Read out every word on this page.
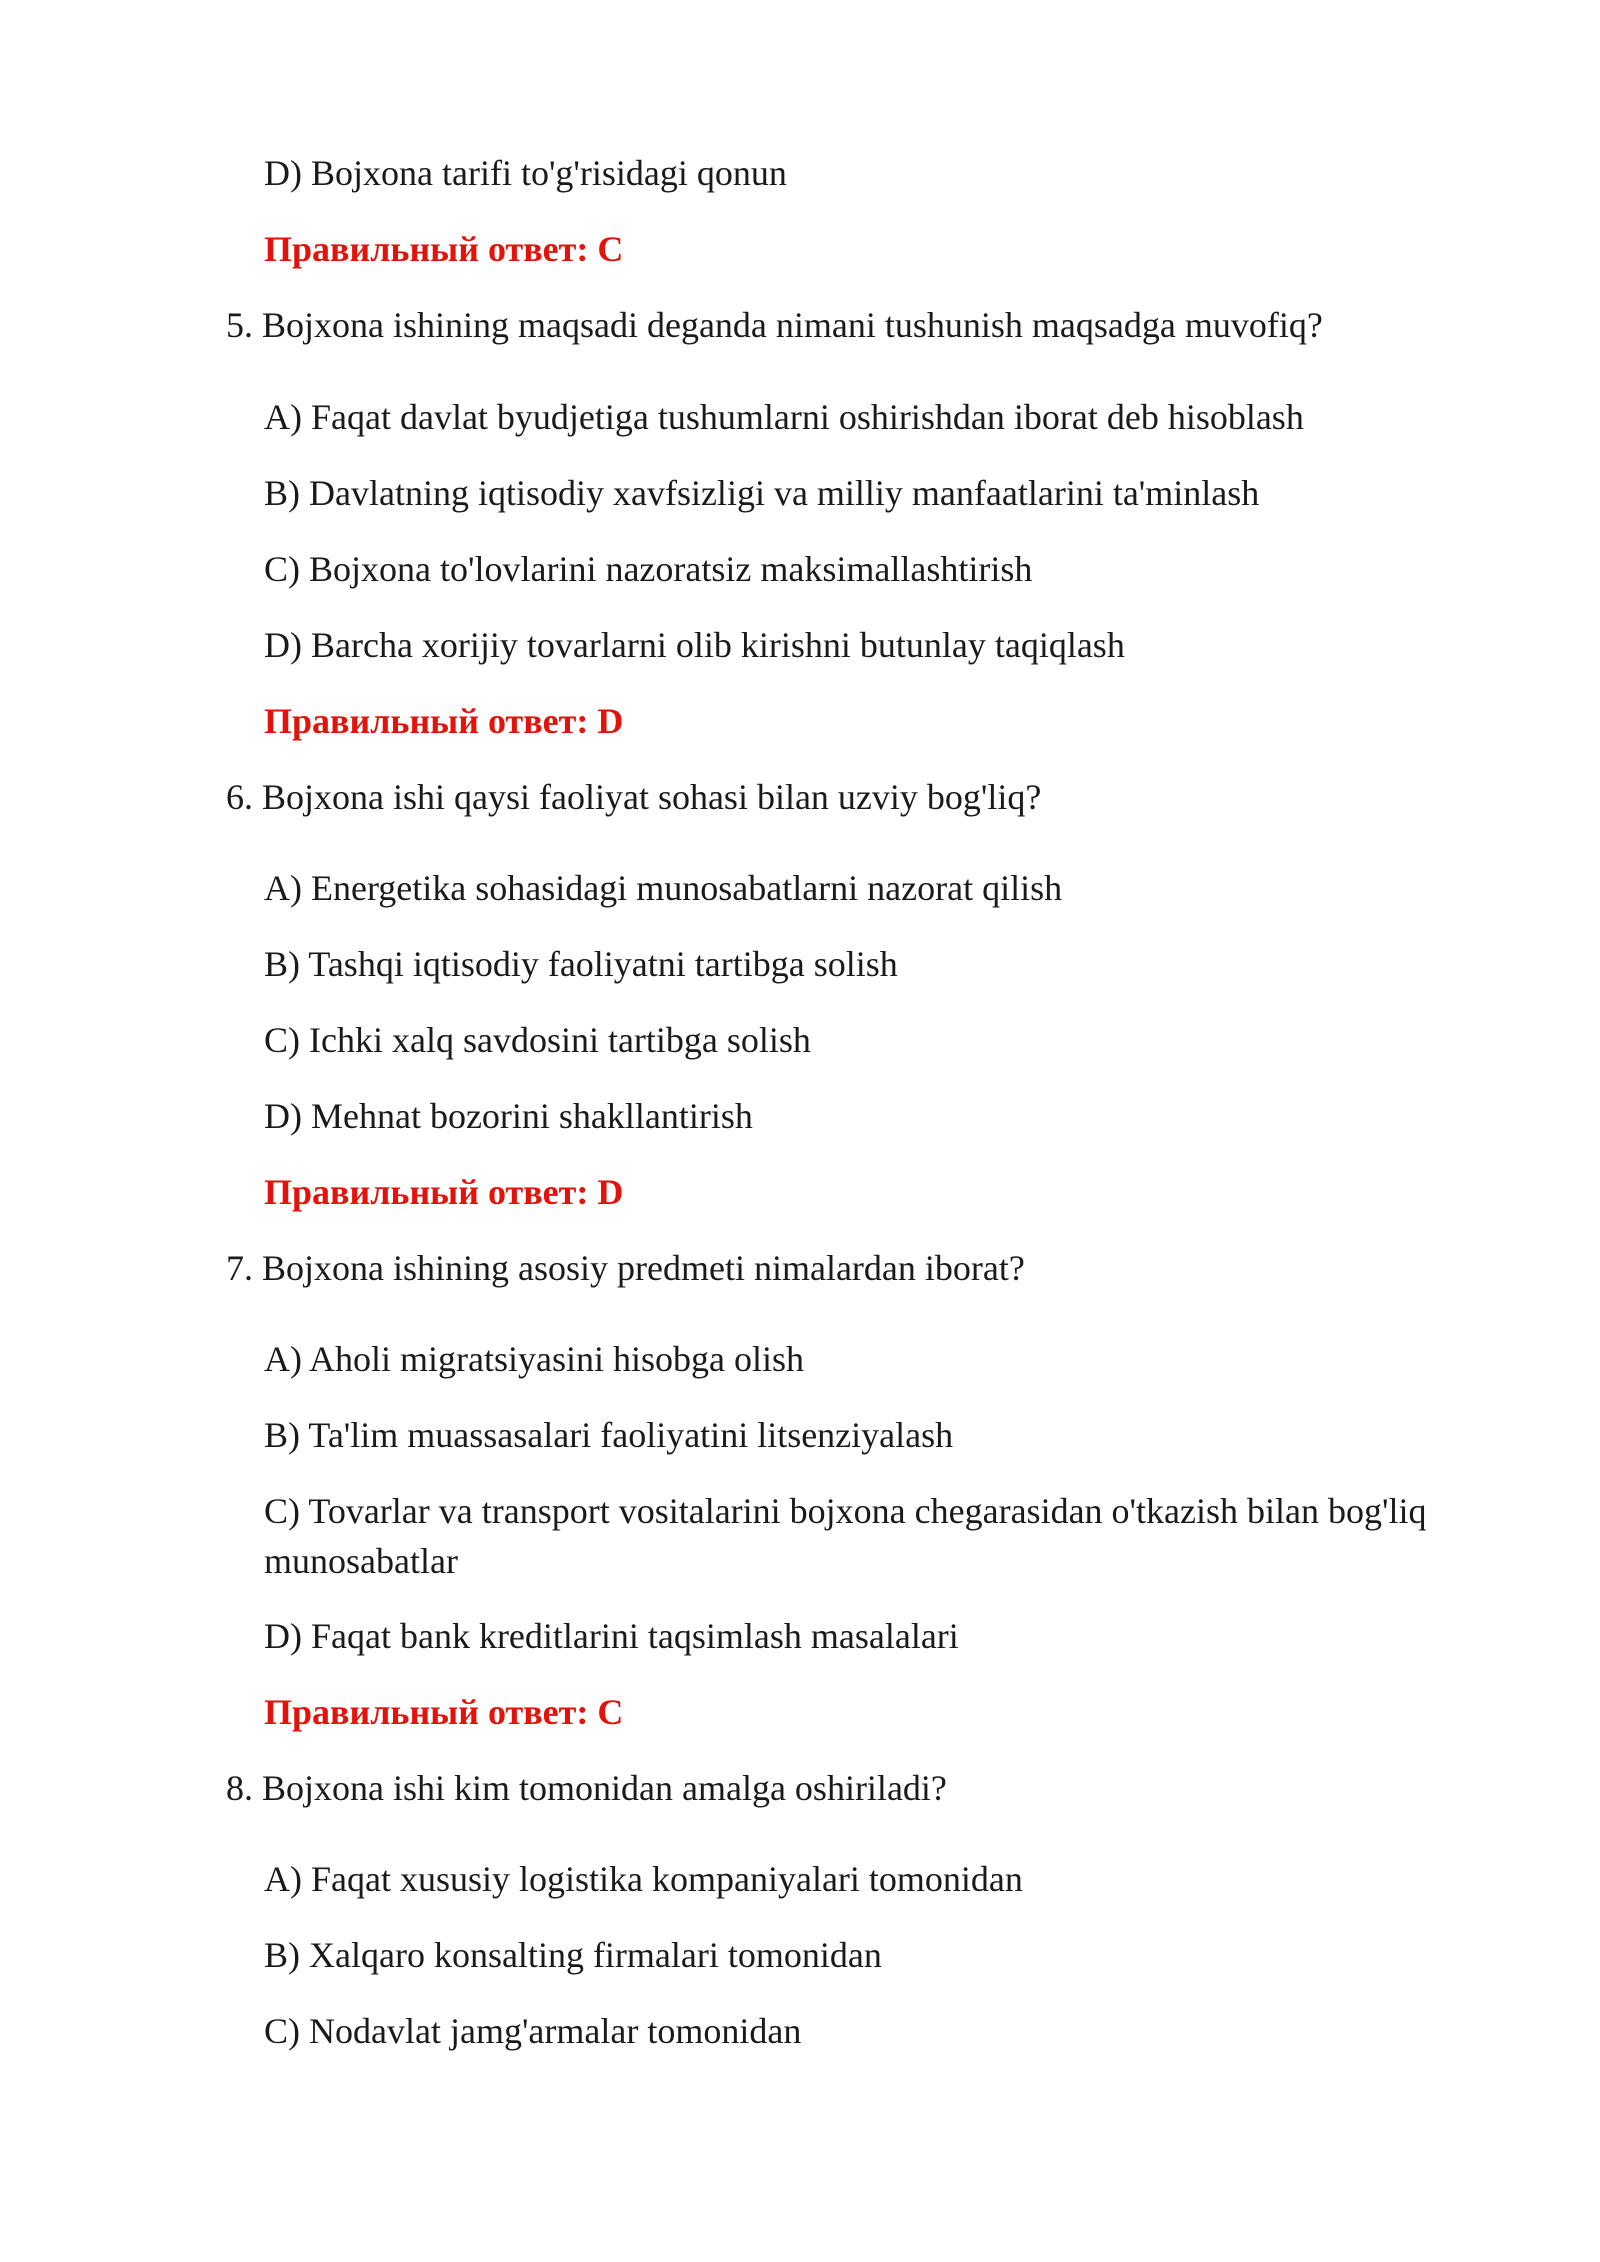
D) Bojxona tarifi to'g'risidagi qonun
Правильный ответ: C
5. Bojxona ishining maqsadi deganda nimani tushunish maqsadga muvofiq?
A) Faqat davlat byudjetiga tushumlarni oshirishdan iborat deb hisoblash
B) Davlatning iqtisodiy xavfsizligi va milliy manfaatlarini ta'minlash
C) Bojxona to'lovlarini nazoratsiz maksimallashtirish
D) Barcha xorijiy tovarlarni olib kirishni butunlay taqiqlash
Правильный ответ: D
6. Bojxona ishi qaysi faoliyat sohasi bilan uzviy bog'liq?
A) Energetika sohasidagi munosabatlarni nazorat qilish
B) Tashqi iqtisodiy faoliyatni tartibga solish
C) Ichki xalq savdosini tartibga solish
D) Mehnat bozorini shakllantirish
Правильный ответ: D
7. Bojxona ishining asosiy predmeti nimalardan iborat?
A) Aholi migratsiyasini hisobga olish
B) Ta'lim muassasalari faoliyatini litsenziyalash
C) Tovarlar va transport vositalarini bojxona chegarasidan o'tkazish bilan bog'liq munosabatlar
D) Faqat bank kreditlarini taqsimlash masalalari
Правильный ответ: C
8. Bojxona ishi kim tomonidan amalga oshiriladi?
A) Faqat xususiy logistika kompaniyalari tomonidan
B) Xalqaro konsalting firmalari tomonidan
C) Nodavlat jamg'armalar tomonidan
